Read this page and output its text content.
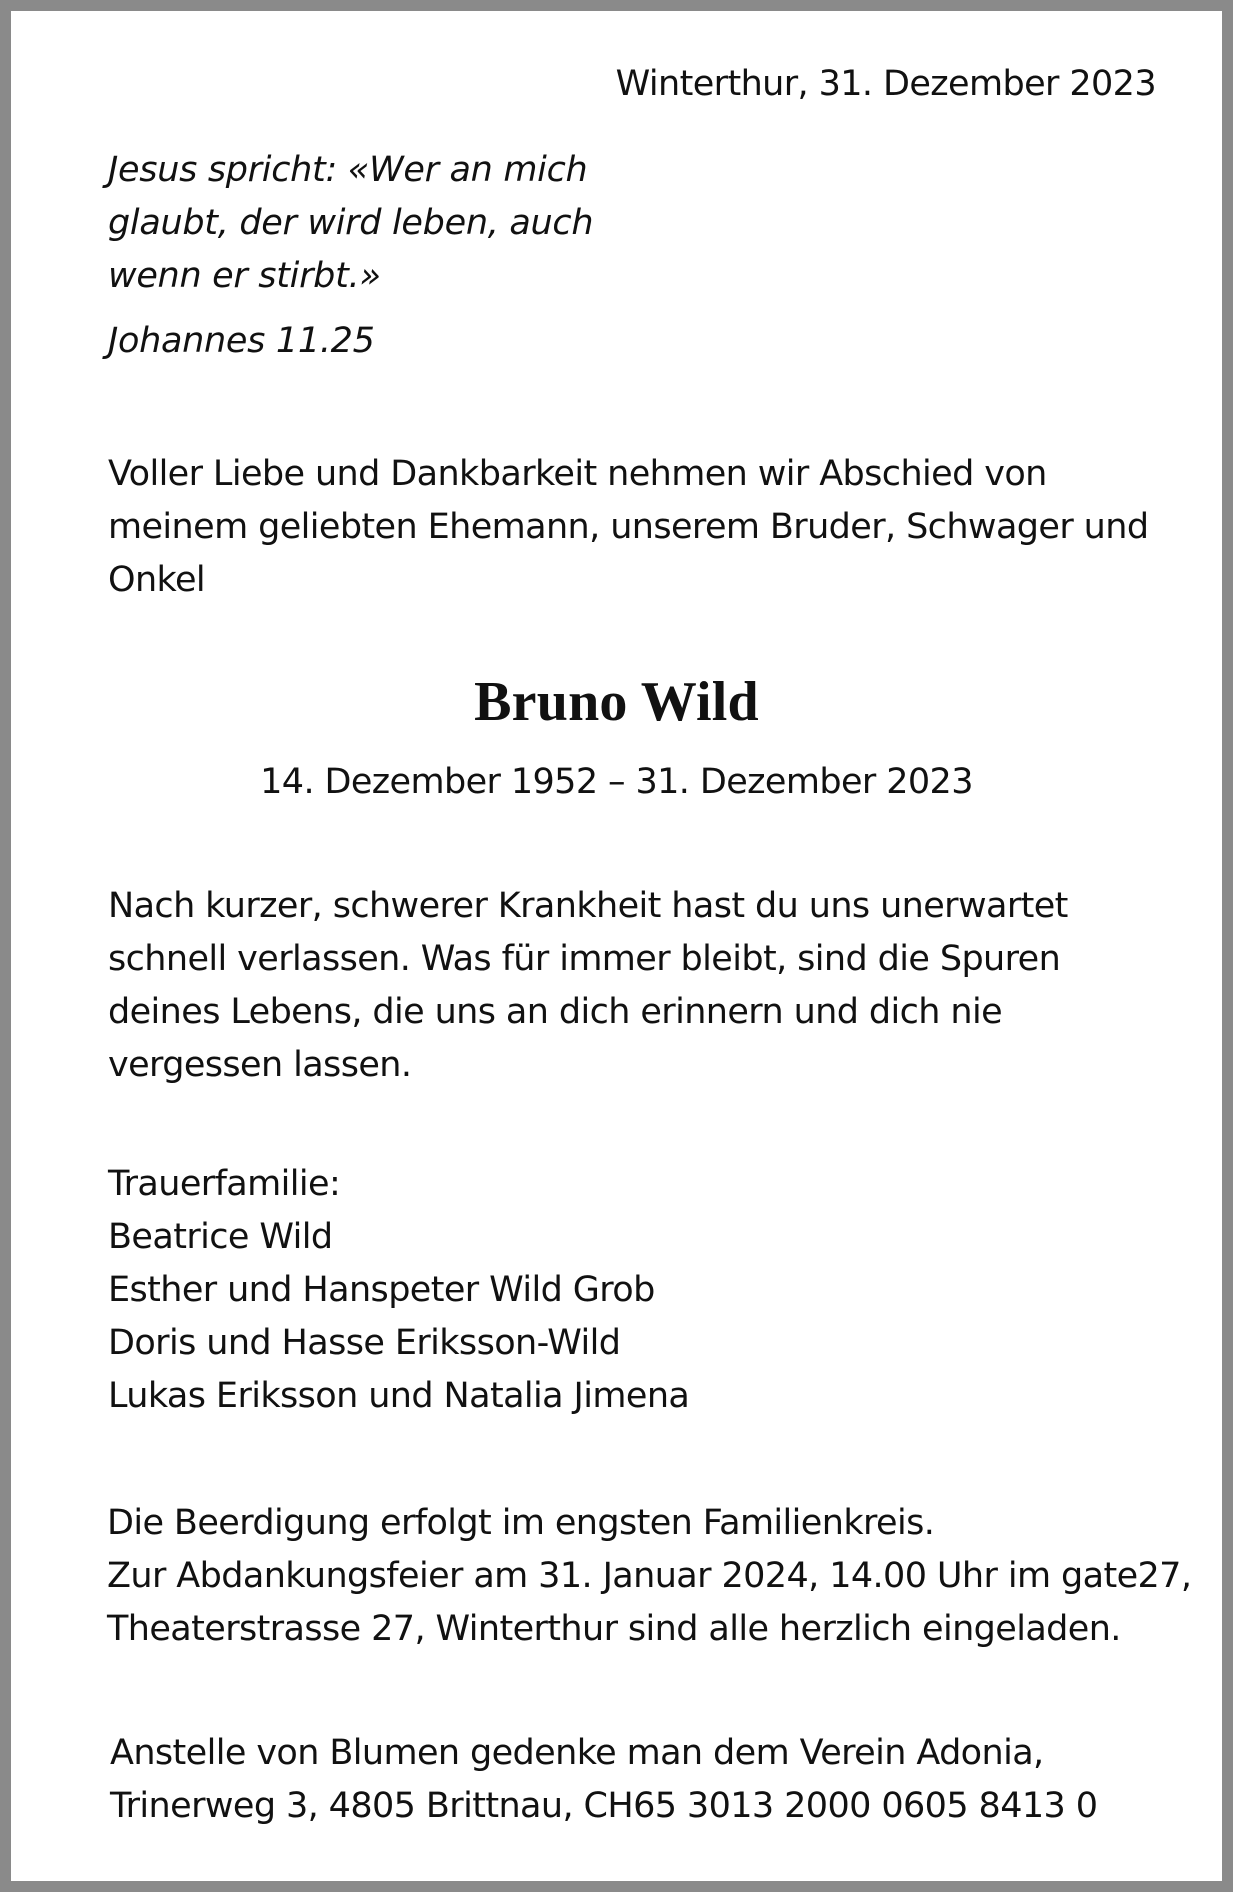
Winterthur, 31. Dezember 2023
Jesus spricht: «Wer an mich
glaubt, der wird leben, auch
wenn er stirbt.»
Johannes 11.25
Voller Liebe und Dankbarkeit nehmen wir Abschied von
meinem geliebten Ehemann, unserem Bruder, Schwager und
Onkel
Bruno Wild
14. Dezember 1952 – 31. Dezember 2023
Nach kurzer, schwerer Krankheit hast du uns unerwartet
schnell verlassen. Was für immer bleibt, sind die Spuren
deines Lebens, die uns an dich erinnern und dich nie
vergessen lassen.
Trauerfamilie:
Beatrice Wild
Esther und Hanspeter Wild Grob
Doris und Hasse Eriksson-Wild
Lukas Eriksson und Natalia Jimena
Die Beerdigung erfolgt im engsten Familienkreis.
Zur Abdankungsfeier am 31. Januar 2024, 14.00 Uhr im gate27,
Theaterstrasse 27, Winterthur sind alle herzlich eingeladen.
Anstelle von Blumen gedenke man dem Verein Adonia,
Trinerweg 3, 4805 Brittnau, CH65 3013 2000 0605 8413 0
